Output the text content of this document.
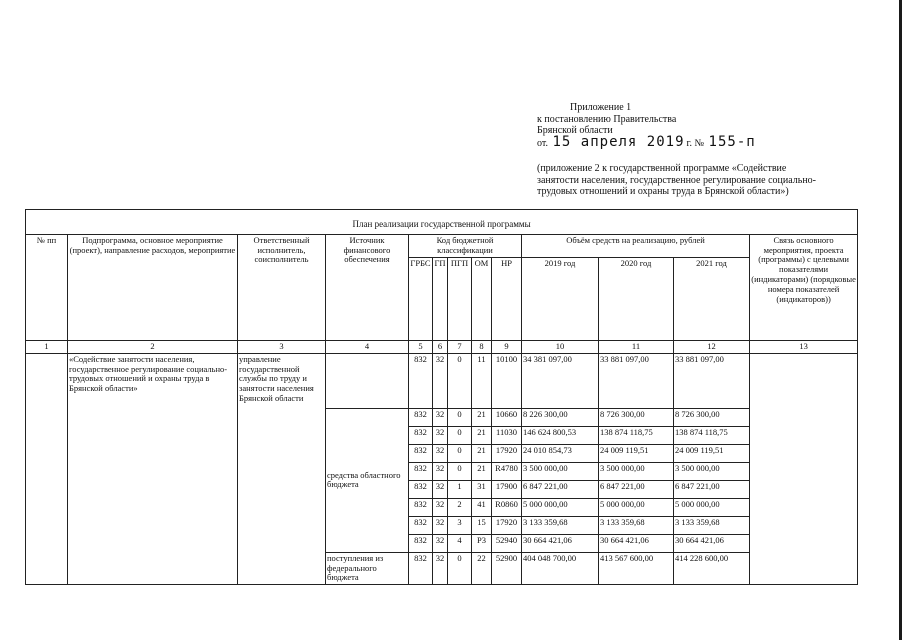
Приложение 1
к постановлению Правительства
Брянской области
от. 15 апреля 2019 г. № 155-п
(приложение 2 к государственной программе «Содействие занятости населения, государственное регулирование социально-трудовых отношений и охраны труда в Брянской области»)
План реализации государственной программы												
№ пп	Подпрограмма, основное мероприятие (проект), направление расходов, мероприятие	Ответственный исполнитель, соисполнитель	Источник финансового обеспечения	Код бюджетной классификации					Объём средств на реализацию, рублей			Связь основного мероприятия, проекта (программы) с целевыми показателями (индикаторами) (порядковые номера показателей (индикаторов))
				ГРБС	ГП	ПГП	ОМ	НР	2019 год	2020 год	2021 год	
1	2	3	4	5	6	7	8	9	10	11	12	13
	«Содействие занятости населения, государственное регулирование социально-трудовых отношений и охраны труда в Брянской области»	управление государственной службы по труду и занятости населения Брянской области		832	32	0	11	10100	34 381 097,00	33 881 097,00	33 881 097,00	
			средства областного бюджета	832	32	0	21	10660	8 226 300,00	8 726 300,00	8 726 300,00	
				832	32	0	21	11030	146 624 800,53	138 874 118,75	138 874 118,75	
				832	32	0	21	17920	24 010 854,73	24 009 119,51	24 009 119,51	
				832	32	0	21	R4780	3 500 000,00	3 500 000,00	3 500 000,00	
				832	32	1	31	17900	6 847 221,00	6 847 221,00	6 847 221,00	
				832	32	2	41	R0860	5 000 000,00	5 000 000,00	5 000 000,00	
				832	32	3	15	17920	3 133 359,68	3 133 359,68	3 133 359,68	
				832	32	4	P3	52940	30 664 421,06	30 664 421,06	30 664 421,06	
			поступления из федерального бюджета	832	32	0	22	52900	404 048 700,00	413 567 600,00	414 228 600,00	
